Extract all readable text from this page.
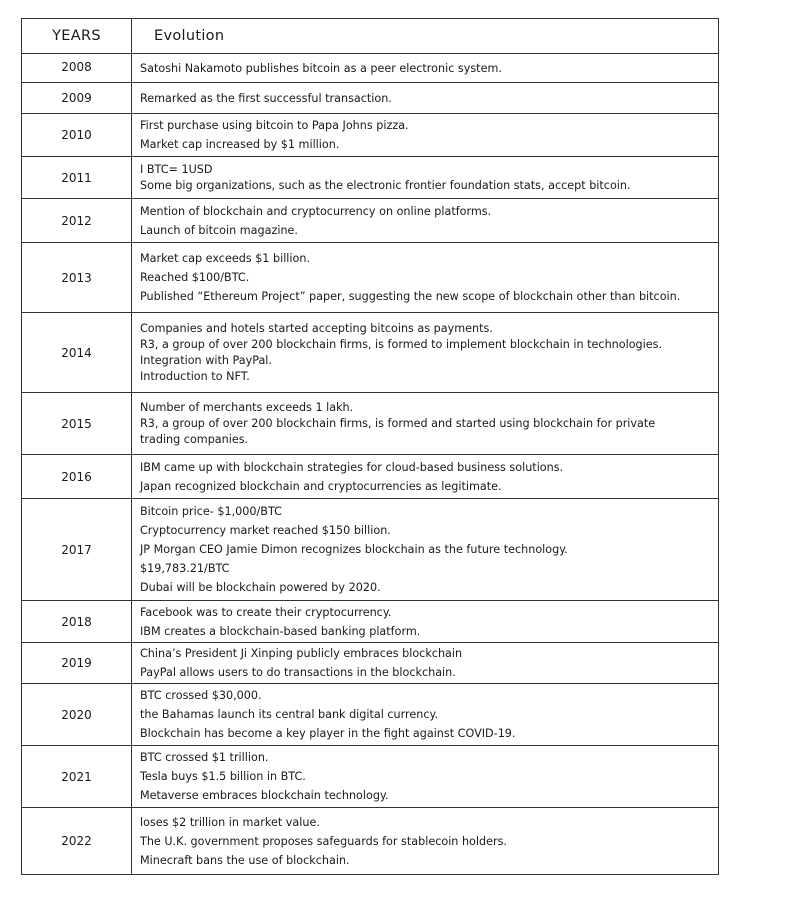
YEARS	Evolution
2008	Satoshi Nakamoto publishes bitcoin as a peer electronic system.

2009	Remarked as the first successful transaction.

2010	First purchase using bitcoin to Papa Johns pizza.
Market cap increased by $1 million.

2011	I BTC= 1USD
Some big organizations, such as the electronic frontier foundation stats, accept bitcoin.

2012	Mention of blockchain and cryptocurrency on online platforms.
Launch of bitcoin magazine.

2013	Market cap exceeds $1 billion.
Reached $100/BTC.
Published “Ethereum Project” paper, suggesting the new scope of blockchain other than bitcoin.

2014	Companies and hotels started accepting bitcoins as payments.
R3, a group of over 200 blockchain firms, is formed to implement blockchain in technologies.
Integration with PayPal.
Introduction to NFT.

2015	Number of merchants exceeds 1 lakh.
R3, a group of over 200 blockchain firms, is formed and started using blockchain for private
trading companies.

2016	IBM came up with blockchain strategies for cloud-based business solutions.
Japan recognized blockchain and cryptocurrencies as legitimate.

2017	Bitcoin price- $1,000/BTC
Cryptocurrency market reached $150 billion.
JP Morgan CEO Jamie Dimon recognizes blockchain as the future technology.
$19,783.21/BTC
Dubai will be blockchain powered by 2020.

2018	Facebook was to create their cryptocurrency.
IBM creates a blockchain-based banking platform.

2019	China’s President Ji Xinping publicly embraces blockchain
PayPal allows users to do transactions in the blockchain.

2020	BTC crossed $30,000.
the Bahamas launch its central bank digital currency.
Blockchain has become a key player in the fight against COVID-19.

2021	BTC crossed $1 trillion.
Tesla buys $1.5 billion in BTC.
Metaverse embraces blockchain technology.

2022	loses $2 trillion in market value.
The U.K. government proposes safeguards for stablecoin holders.
Minecraft bans the use of blockchain.
